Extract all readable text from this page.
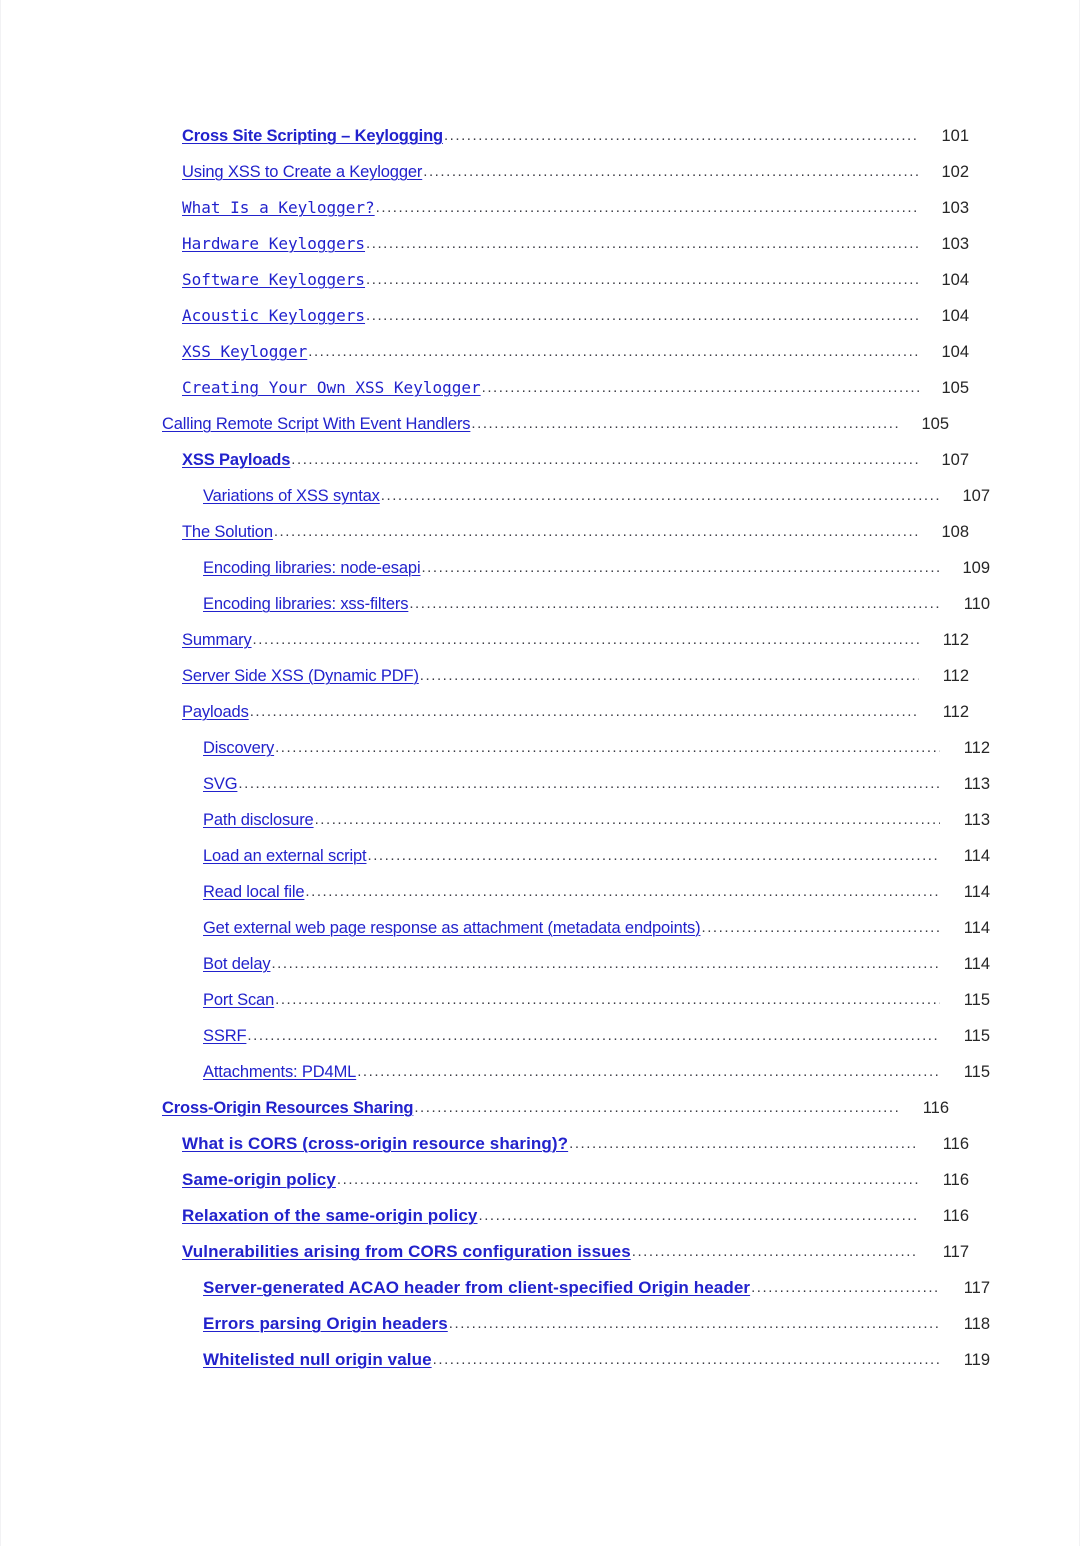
Cross Site Scripting – Keylogging .....	101
Using XSS to Create a Keylogger .....	102
What Is a Keylogger? .....	103
Hardware Keyloggers .....	103
Software Keyloggers .....	104
Acoustic Keyloggers .....	104
XSS Keylogger .....	104
Creating Your Own XSS Keylogger .....	105
Calling Remote Script With Event Handlers .....	105
XSS Payloads .....	107
Variations of XSS syntax .....	107
The Solution .....	108
Encoding libraries: node-esapi .....	109
Encoding libraries: xss-filters .....	110
Summary .....	112
Server Side XSS (Dynamic PDF) .....	112
Payloads .....	112
Discovery .....	112
SVG .....	113
Path disclosure .....	113
Load an external script .....	114
Read local file .....	114
Get external web page response as attachment (metadata endpoints) .....	114
Bot delay .....	114
Port Scan .....	115
SSRF .....	115
Attachments: PD4ML .....	115
Cross-Origin Resources Sharing .....	116
What is CORS (cross-origin resource sharing)? .....	116
Same-origin policy .....	116
Relaxation of the same-origin policy .....	116
Vulnerabilities arising from CORS configuration issues .....	117
Server-generated ACAO header from client-specified Origin header .....	117
Errors parsing Origin headers .....	118
Whitelisted null origin value .....	119
